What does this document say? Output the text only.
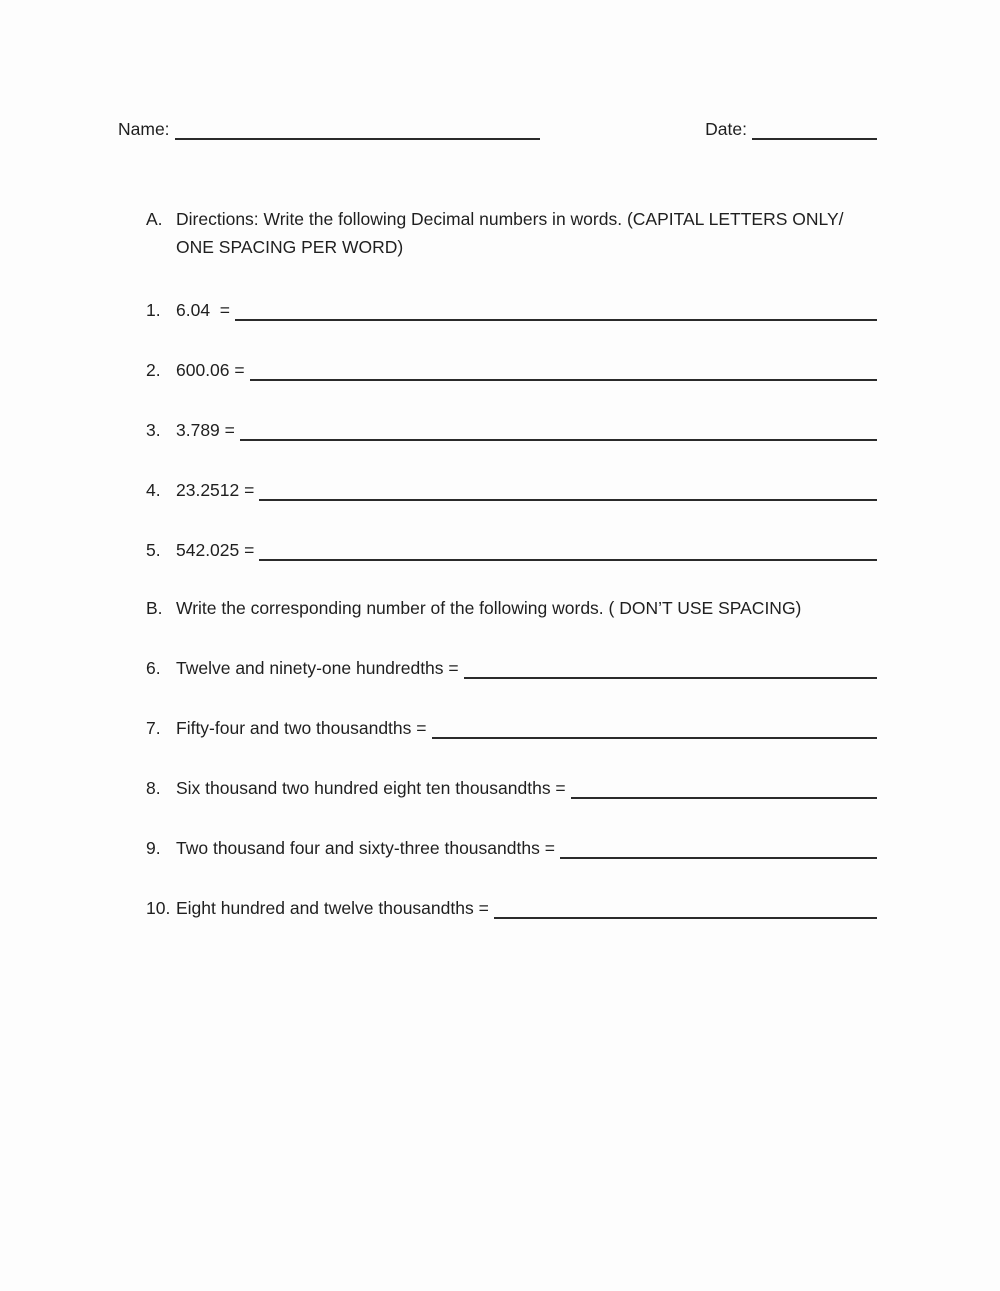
Name:	Date:
A. Directions: Write the following Decimal numbers in words. (CAPITAL LETTERS ONLY/
ONE SPACING PER WORD)
1. 6.04  =
2. 600.06 =
3. 3.789 =
4. 23.2512 =
5. 542.025 =
B. Write the corresponding number of the following words. ( DON’T USE SPACING)
6. Twelve and ninety-one hundredths =
7. Fifty-four and two thousandths =
8. Six thousand two hundred eight ten thousandths =
9. Two thousand four and sixty-three thousandths =
10. Eight hundred and twelve thousandths =
